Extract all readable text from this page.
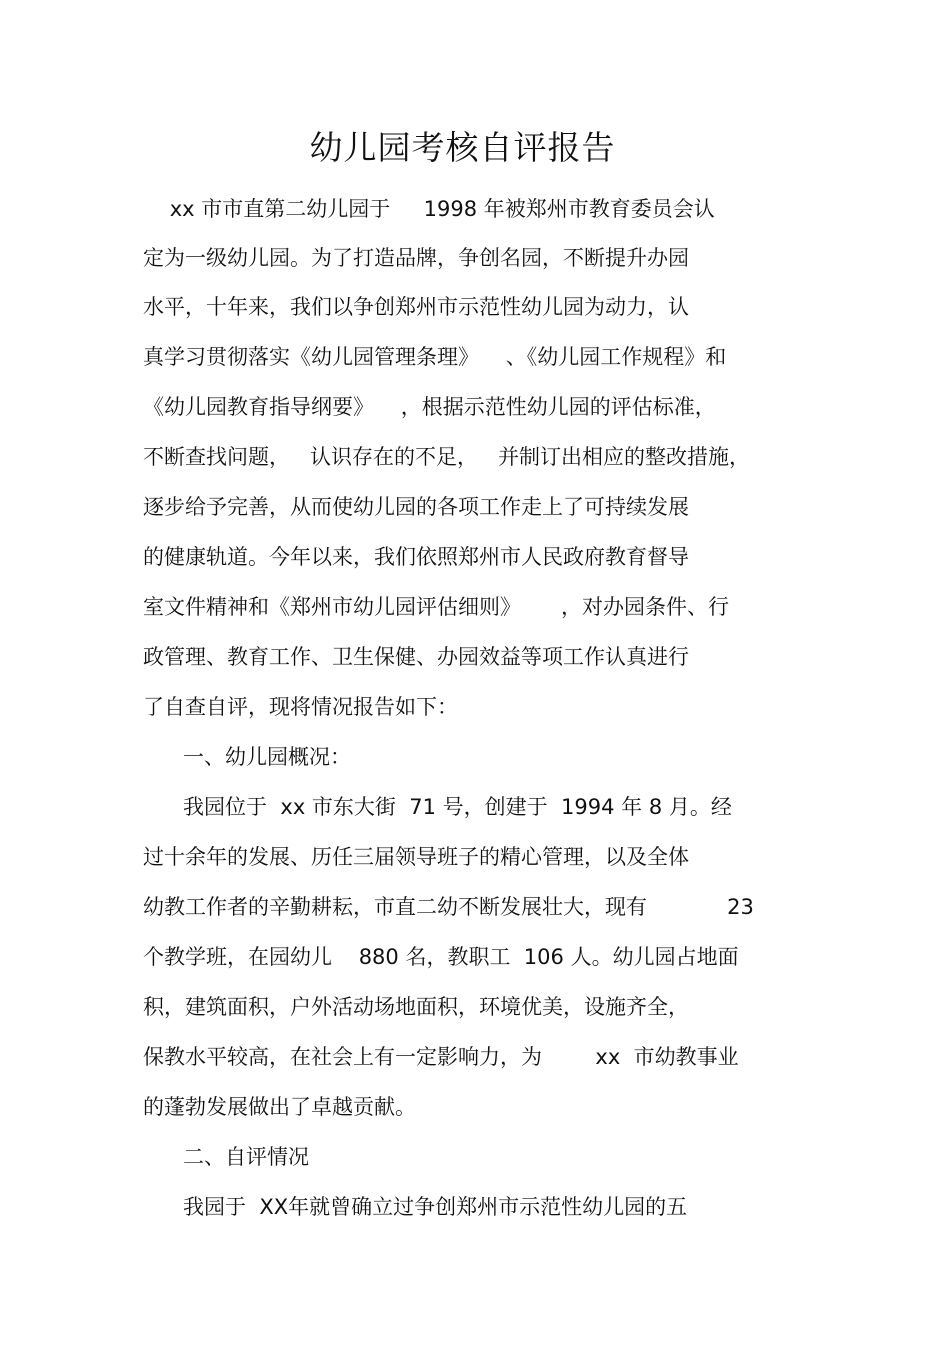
幼儿园考核自评报告
xx 市市直第二幼儿园于     1998 年被郑州市教育委员会认
定为一级幼儿园。为了打造品牌，争创名园，不断提升办园
水平，十年来，我们以争创郑州市示范性幼儿园为动力，认
真学习贯彻落实《幼儿园管理条理》    、《幼儿园工作规程》和
《幼儿园教育指导纲要》    ，根据示范性幼儿园的评估标准，
不断查找问题，   认识存在的不足，   并制订出相应的整改措施，
逐步给予完善，从而使幼儿园的各项工作走上了可持续发展
的健康轨道。今年以来，我们依照郑州市人民政府教育督导
室文件精神和《郑州市幼儿园评估细则》      ，对办园条件、行
政管理、教育工作、卫生保健、办园效益等项工作认真进行
了自查自评，现将情况报告如下：
一、幼儿园概况：
我园位于  xx 市东大街  71 号，创建于  1994 年 8 月。经
过十余年的发展、历任三届领导班子的精心管理，以及全体
幼教工作者的辛勤耕耘，市直二幼不断发展壮大，现有            23
个教学班，在园幼儿    880 名，教职工  106 人。幼儿园占地面
积，建筑面积，户外活动场地面积，环境优美，设施齐全，
保教水平较高，在社会上有一定影响力，为        xx  市幼教事业
的蓬勃发展做出了卓越贡献。
二、自评情况
我园于  XX年就曾确立过争创郑州市示范性幼儿园的五
